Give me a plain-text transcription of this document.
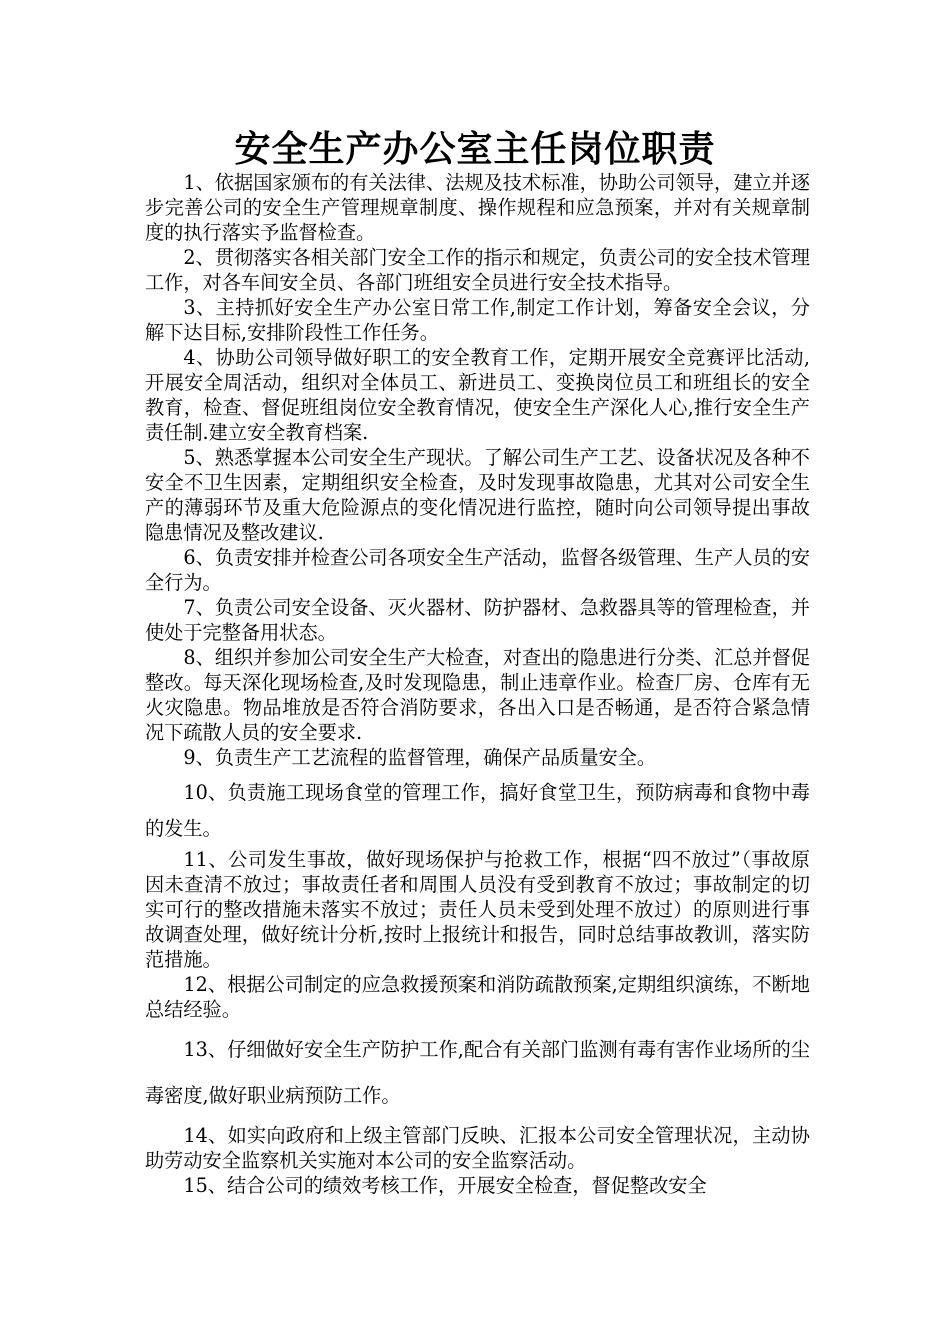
安全生产办公室主任岗位职责

1、依据国家颁布的有关法律、法规及技术标准，协助公司领导，建立并逐步完善公司的安全生产管理规章制度、操作规程和应急预案，并对有关规章制度的执行落实予监督检查。

2、贯彻落实各相关部门安全工作的指示和规定，负责公司的安全技术管理工作，对各车间安全员、各部门班组安全员进行安全技术指导。

3、主持抓好安全生产办公室日常工作,制定工作计划，筹备安全会议，分解下达目标,安排阶段性工作任务。

4、协助公司领导做好职工的安全教育工作，定期开展安全竞赛评比活动,开展安全周活动，组织对全体员工、新进员工、变换岗位员工和班组长的安全教育，检查、督促班组岗位安全教育情况，使安全生产深化人心,推行安全生产责任制.建立安全教育档案.

5、熟悉掌握本公司安全生产现状。了解公司生产工艺、设备状况及各种不安全不卫生因素，定期组织安全检查，及时发现事故隐患，尤其对公司安全生产的薄弱环节及重大危险源点的变化情况进行监控，随时向公司领导提出事故隐患情况及整改建议.

6、负责安排并检查公司各项安全生产活动，监督各级管理、生产人员的安全行为。

7、负责公司安全设备、灭火器材、防护器材、急救器具等的管理检查，并使处于完整备用状态。

8、组织并参加公司安全生产大检查，对查出的隐患进行分类、汇总并督促整改。每天深化现场检查,及时发现隐患，制止违章作业。检查厂房、仓库有无火灾隐患。物品堆放是否符合消防要求，各出入口是否畅通，是否符合紧急情况下疏散人员的安全要求.

9、负责生产工艺流程的监督管理，确保产品质量安全。

10、负责施工现场食堂的管理工作，搞好食堂卫生，预防病毒和食物中毒的发生。

11、公司发生事故，做好现场保护与抢救工作，根据“四不放过”（事故原因未查清不放过；事故责任者和周围人员没有受到教育不放过；事故制定的切实可行的整改措施未落实不放过；责任人员未受到处理不放过）的原则进行事故调查处理，做好统计分析,按时上报统计和报告，同时总结事故教训，落实防范措施。

12、根据公司制定的应急救援预案和消防疏散预案,定期组织演练，不断地总结经验。

13、仔细做好安全生产防护工作,配合有关部门监测有毒有害作业场所的尘毒密度,做好职业病预防工作。

14、如实向政府和上级主管部门反映、汇报本公司安全管理状况，主动协助劳动安全监察机关实施对本公司的安全监察活动。

15、结合公司的绩效考核工作，开展安全检查，督促整改安全
